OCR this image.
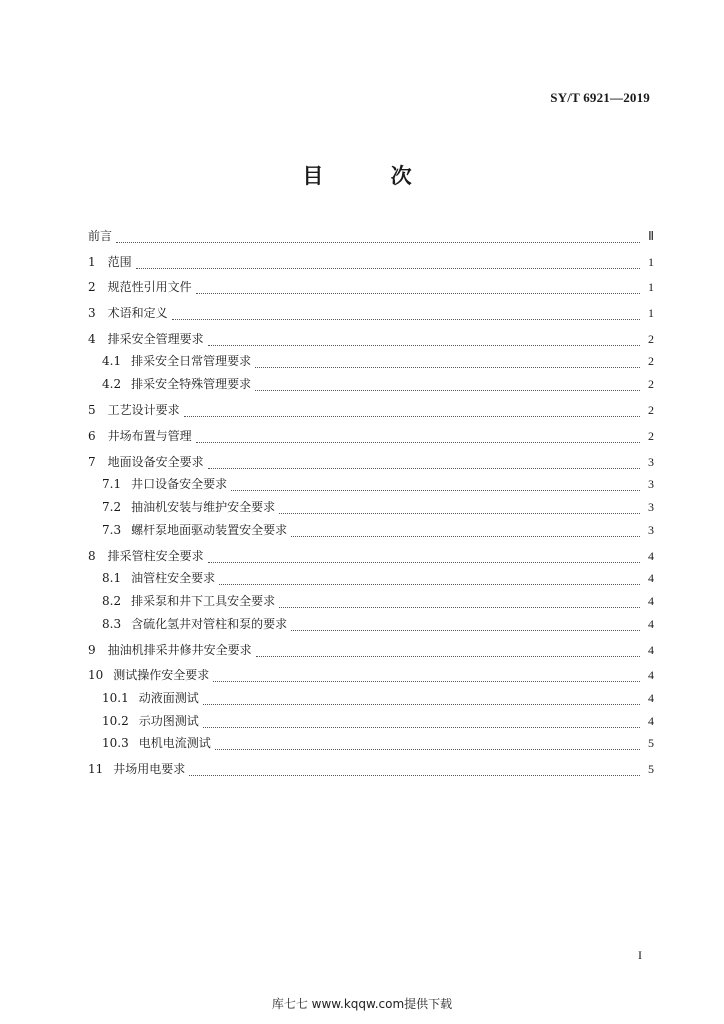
SY/T 6921—2019
目 次
前言	Ⅱ
1 范围	1
2 规范性引用文件	1
3 术语和定义	1
4 排采安全管理要求	2
4.1 排采安全日常管理要求	2
4.2 排采安全特殊管理要求	2
5 工艺设计要求	2
6 井场布置与管理	2
7 地面设备安全要求	3
7.1 井口设备安全要求	3
7.2 抽油机安装与维护安全要求	3
7.3 螺杆泵地面驱动装置安全要求	3
8 排采管柱安全要求	4
8.1 油管柱安全要求	4
8.2 排采泵和井下工具安全要求	4
8.3 含硫化氢井对管柱和泵的要求	4
9 抽油机排采井修井安全要求	4
10 测试操作安全要求	4
10.1 动液面测试	4
10.2 示功图测试	4
10.3 电机电流测试	5
11 井场用电要求	5
I
库七七 www.kqqw.com提供下载
